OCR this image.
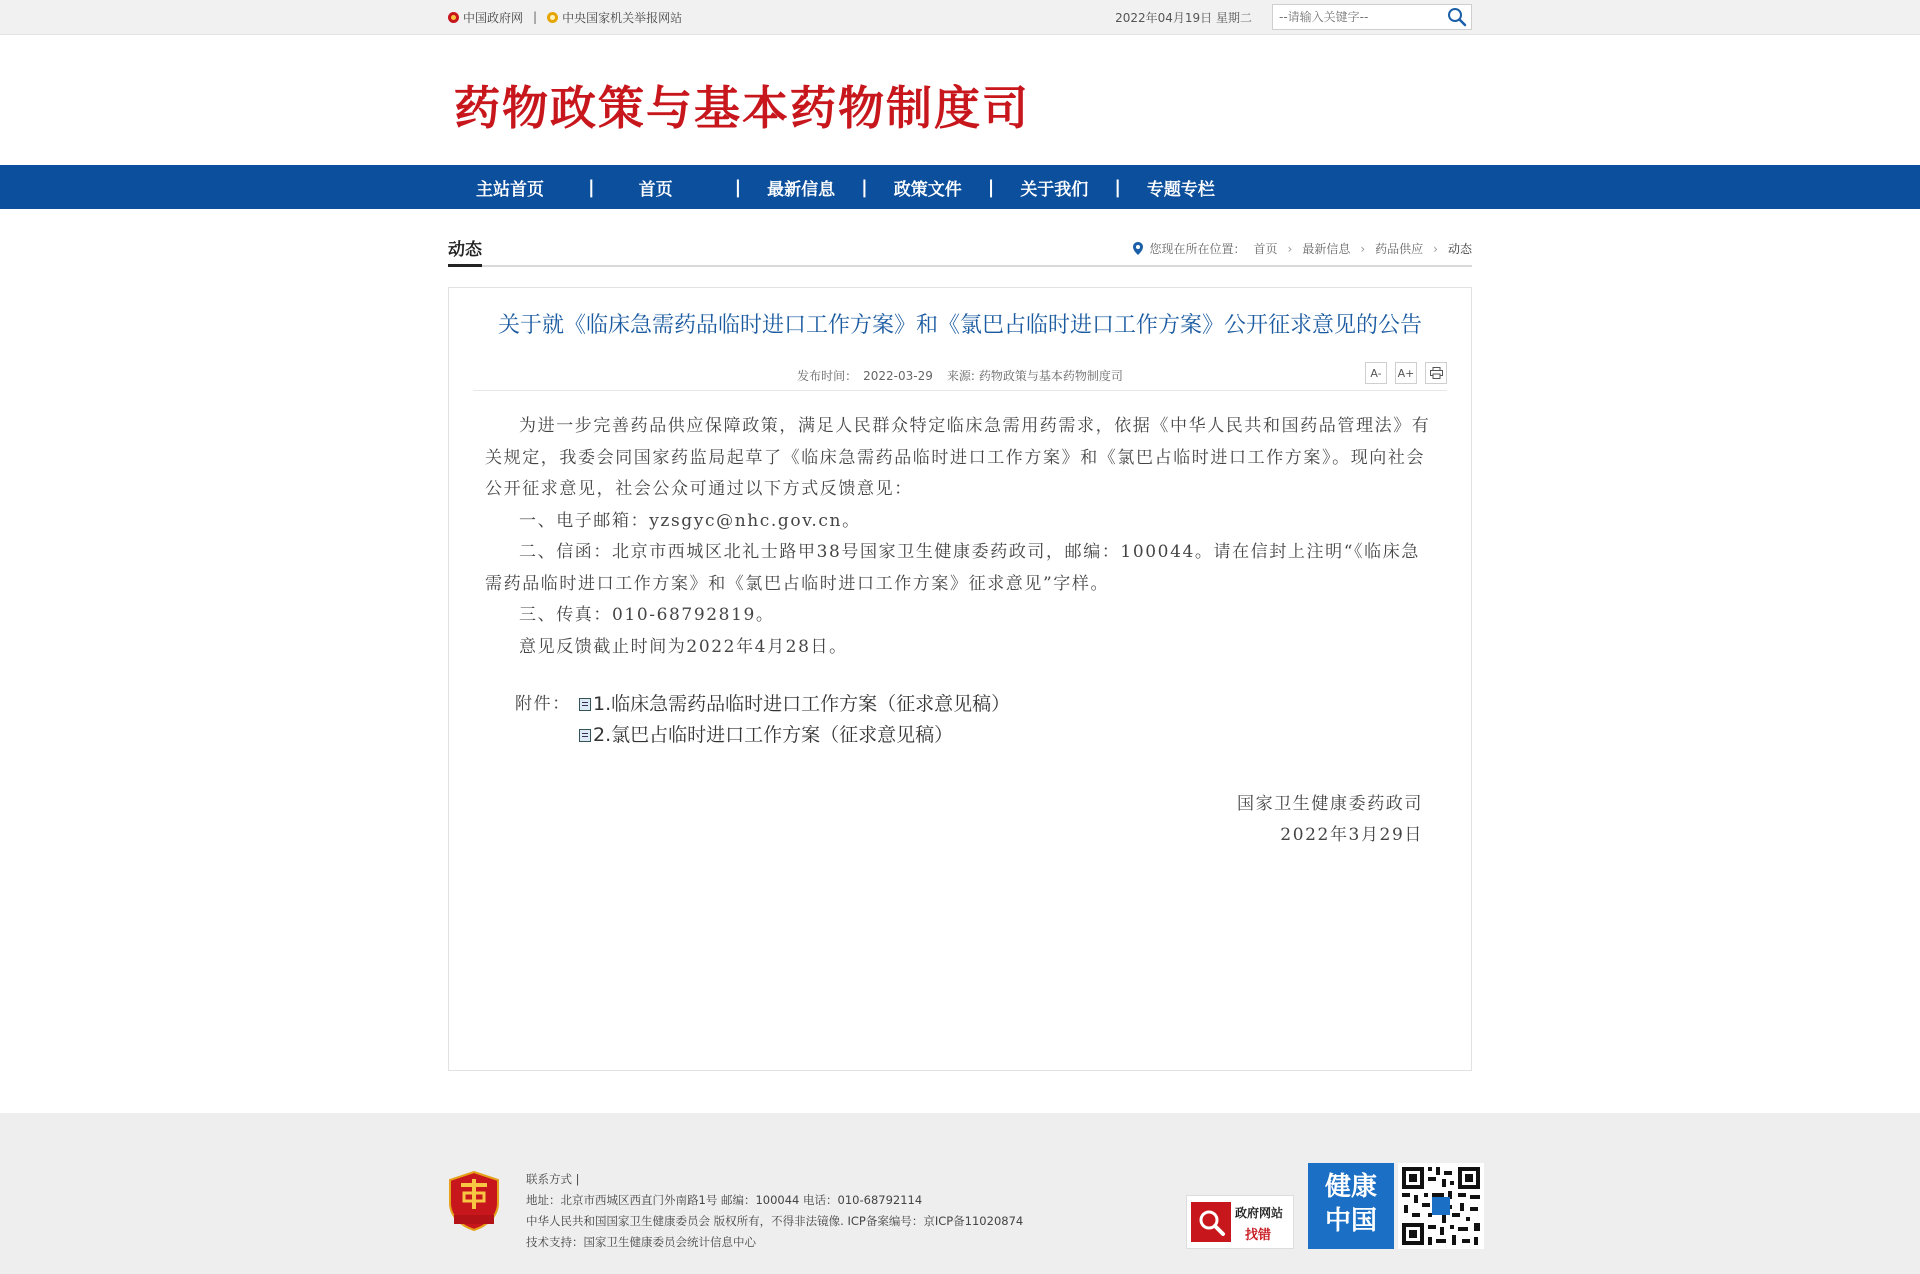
中国政府网 | 中央国家机关举报网站	2022年04月19日 星期二
--请输入关键字--
药物政策与基本药物制度司
主站首页 |	首页	| 最新信息 | 政策文件 | 关于我们 | 专题专栏
动态	您现在所在位置： 首页 › 最新信息 › 药品供应 › 动态
关于就《临床急需药品临时进口工作方案》和《氯巴占临时进口工作方案》公开征求意见的公告
发布时间： 2022-03-29 来源: 药物政策与基本药物制度司	A-	A+

为进一步完善药品供应保障政策，满足人民群众特定临床急需用药需求，依据《中华人民共和国药品管理法》有关规定，我委会同国家药监局起草了《临床急需药品临时进口工作方案》和《氯巴占临时进口工作方案》。现向社会公开征求意见，社会公众可通过以下方式反馈意见：

一、电子邮箱：yzsgyc@nhc.gov.cn。

二、信函：北京市西城区北礼士路甲38号国家卫生健康委药政司，邮编：100044。请在信封上注明“《临床急需药品临时进口工作方案》和《氯巴占临时进口工作方案》征求意见”字样。

三、传真：010-68792819。

意见反馈截止时间为2022年4月28日。

附件：	1.临床急需药品临时进口工作方案（征求意见稿）
2.氯巴占临时进口工作方案（征求意见稿）
国家卫生健康委药政司
2022年3月29日
联系方式 |
地址：北京市西城区西直门外南路1号 邮编：100044 电话：010-68792114
中华人民共和国国家卫生健康委员会 版权所有，不得非法镜像. ICP备案编号：京ICP备11020874
技术支持：国家卫生健康委员会统计信息中心
政府网站
找错
健康
中国
